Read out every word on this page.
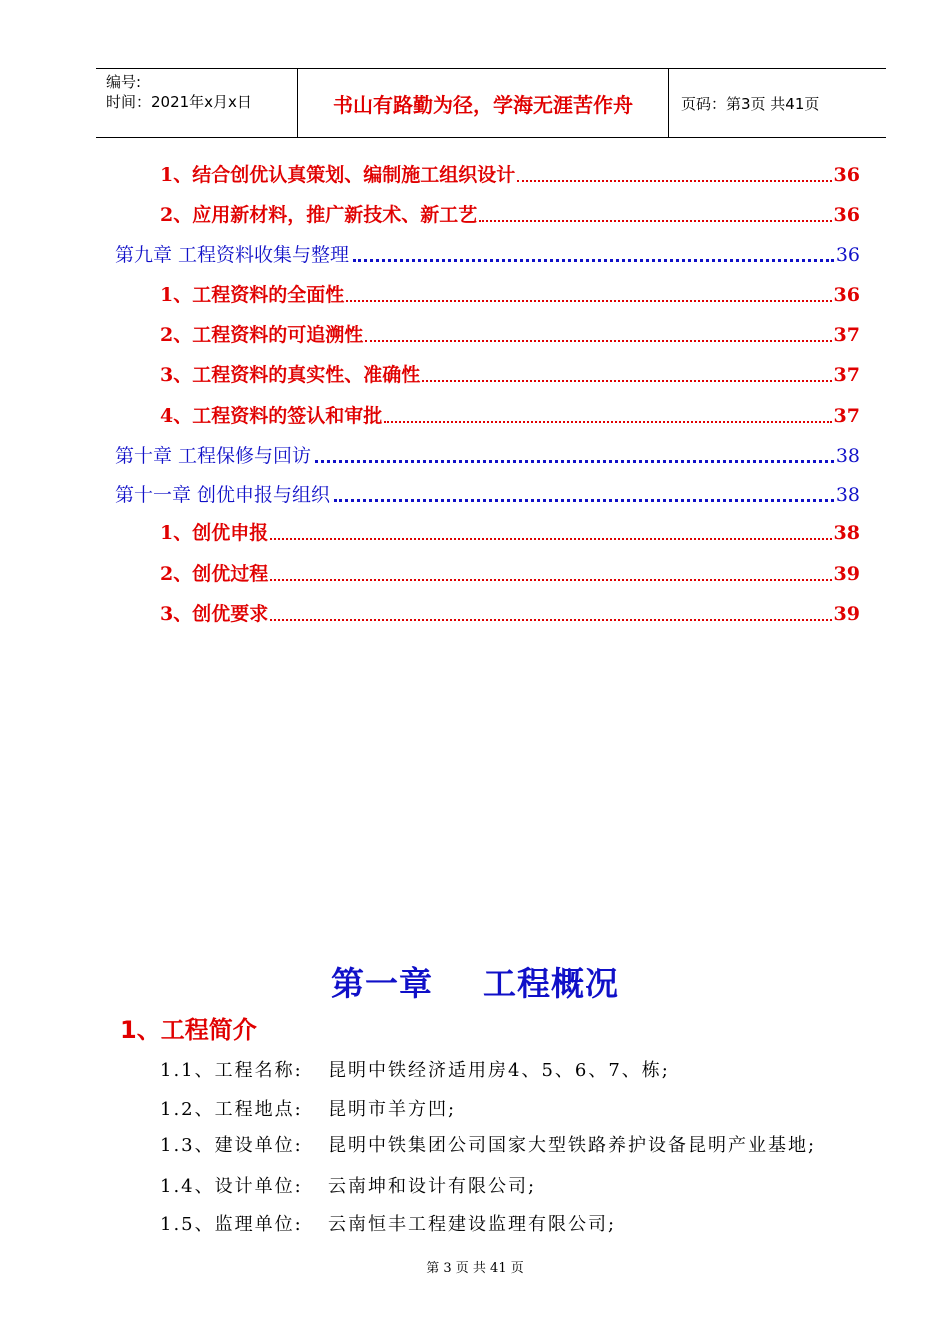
编号:
时间：2021年x月x日	书山有路勤为径，学海无涯苦作舟	页码：第3页 共41页
1、结合创优认真策划、编制施工组织设计	36
2、应用新材料，推广新技术、新工艺	36
第九章 工程资料收集与整理	36
1、工程资料的全面性	36
2、工程资料的可追溯性	37
3、工程资料的真实性、准确性	37
4、工程资料的签认和审批	37
第十章 工程保修与回访	38
第十一章 创优申报与组织	38
1、创优申报	38
2、创优过程	39
3、创优要求	39
第一章    工程概况
1、工程简介
1.1、工程名称: 昆明中铁经济适用房4、5、6、7、栋;
1.2、工程地点: 昆明市羊方凹;
1.3、建设单位: 昆明中铁集团公司国家大型铁路养护设备昆明产业基地;
1.4、设计单位: 云南坤和设计有限公司;
1.5、监理单位: 云南恒丰工程建设监理有限公司;
第 3 页 共 41 页
